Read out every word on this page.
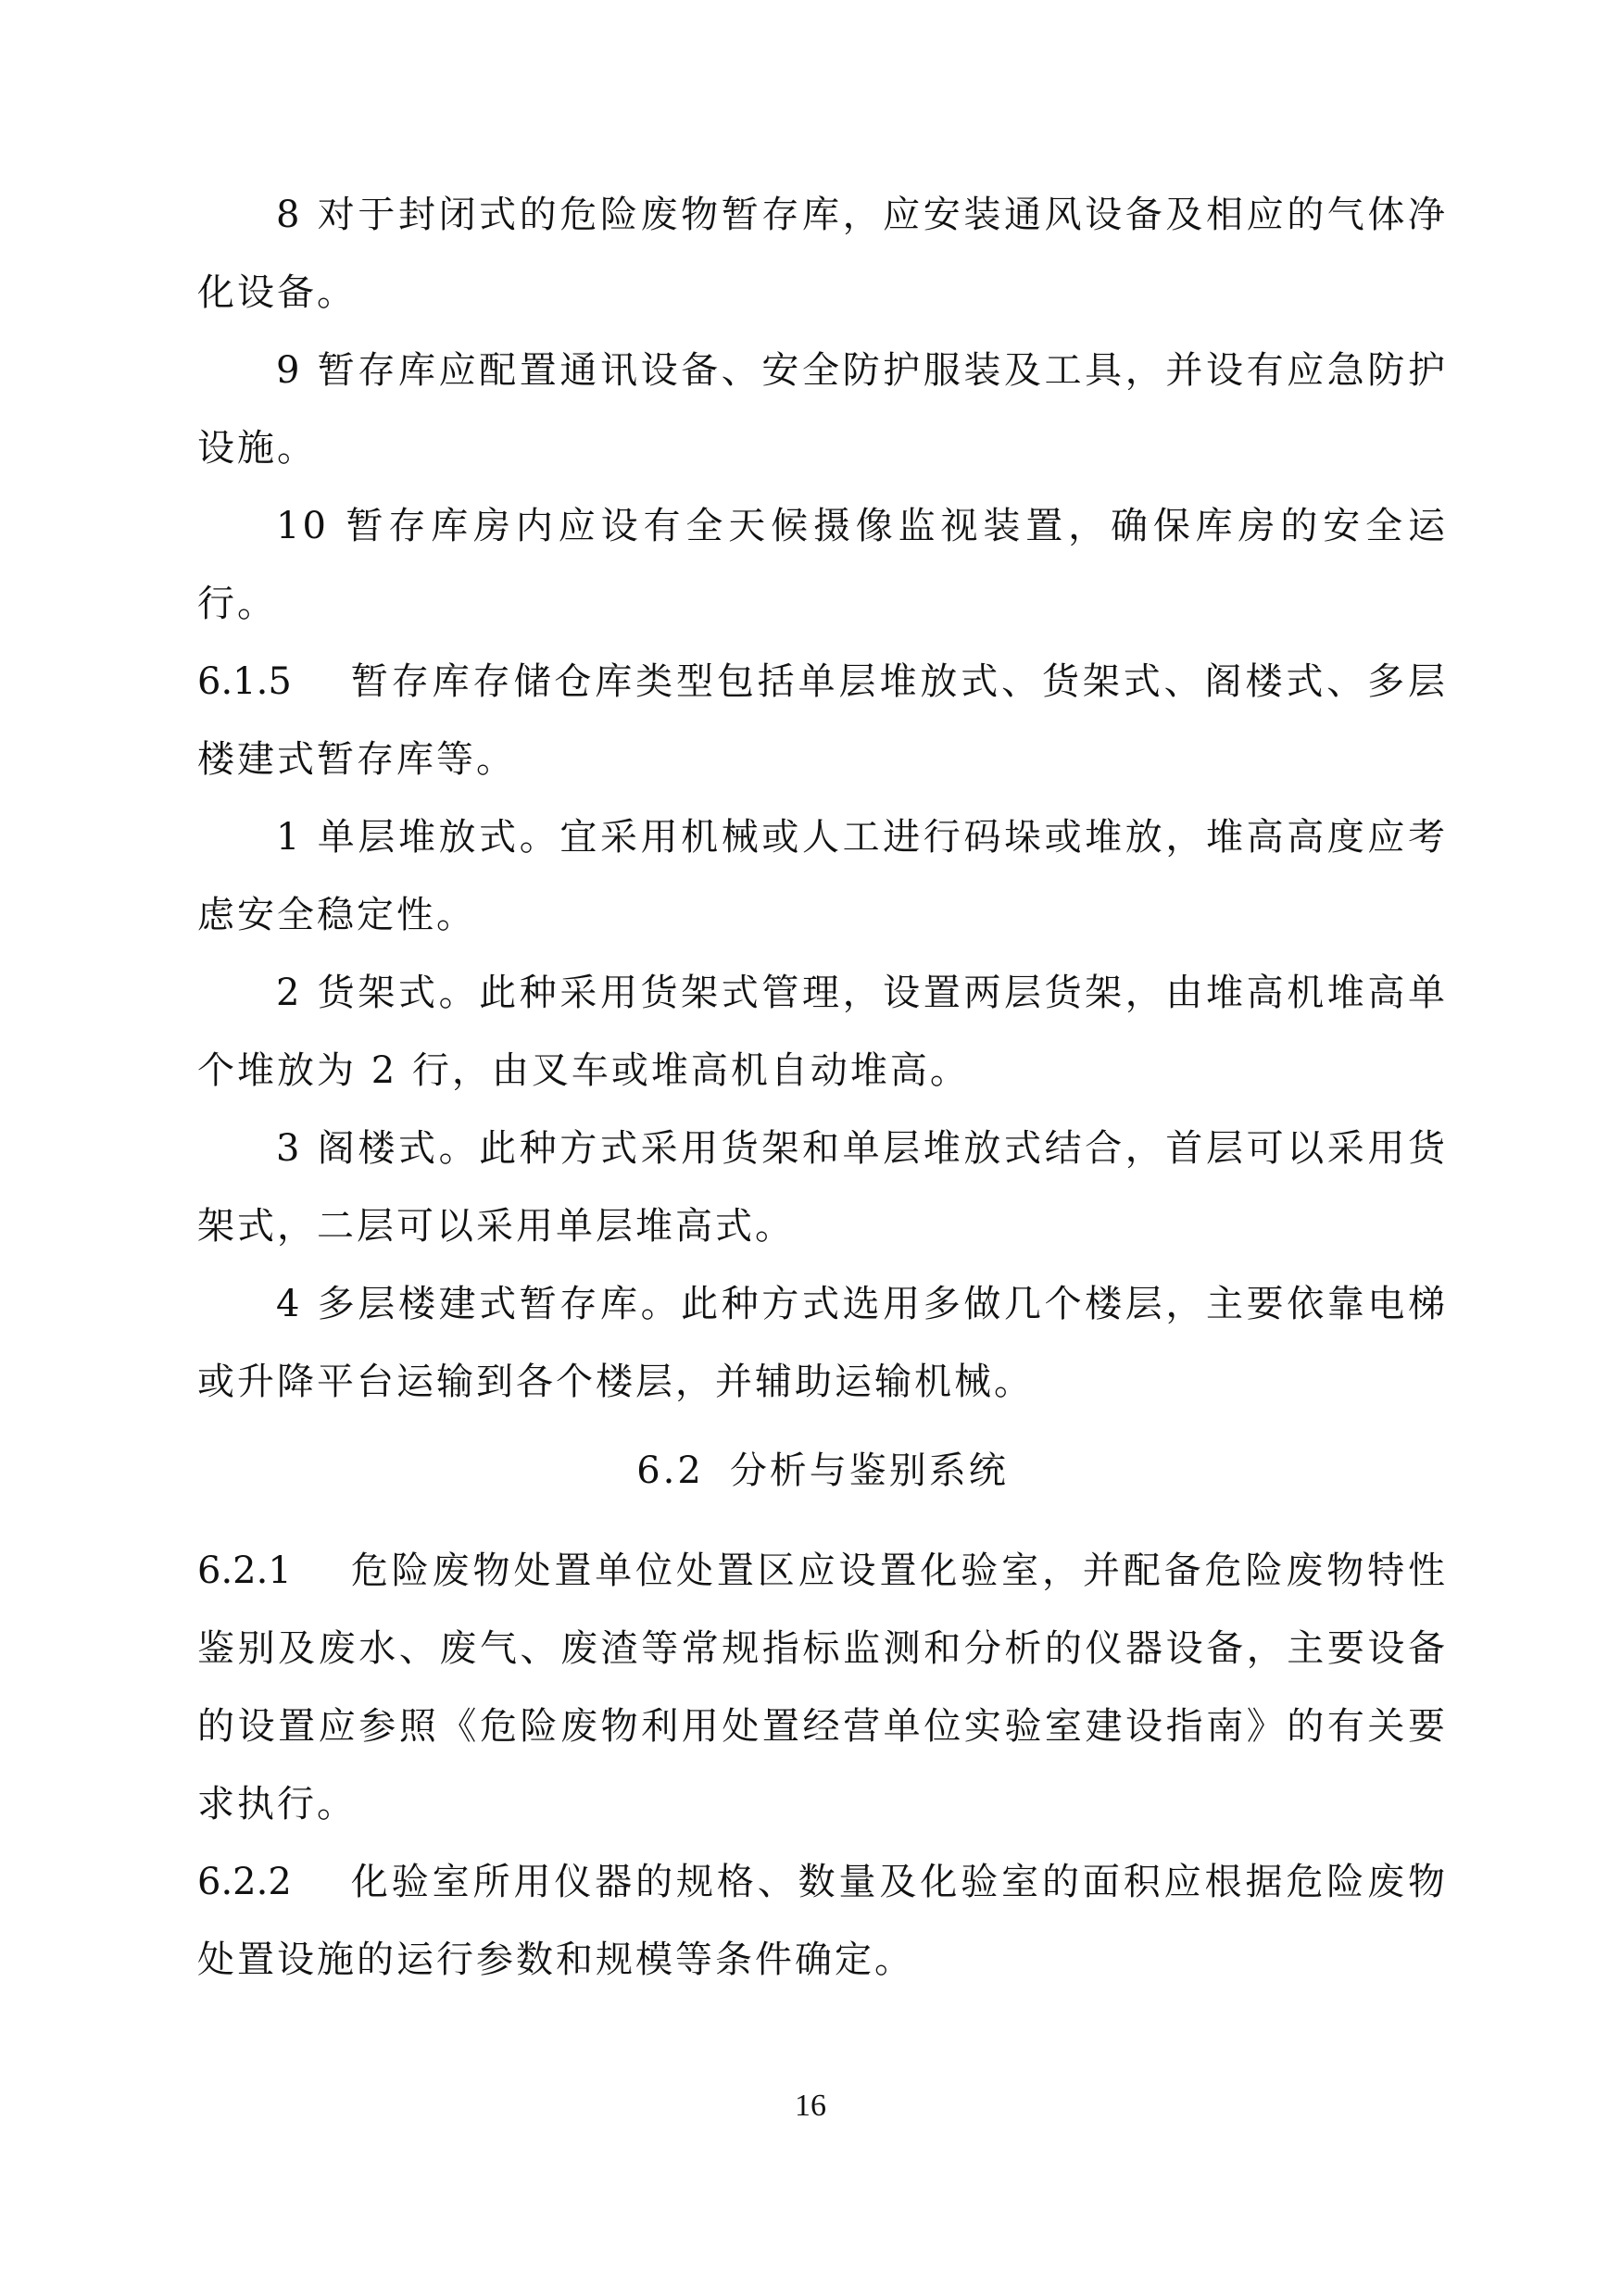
8 对于封闭式的危险废物暂存库，应安装通风设备及相应的气体净化设备。

9 暂存库应配置通讯设备、安全防护服装及工具，并设有应急防护设施。

10 暂存库房内应设有全天候摄像监视装置，确保库房的安全运行。

6.1.5 暂存库存储仓库类型包括单层堆放式、货架式、阁楼式、多层楼建式暂存库等。

1 单层堆放式。宜采用机械或人工进行码垛或堆放，堆高高度应考虑安全稳定性。

2 货架式。此种采用货架式管理，设置两层货架，由堆高机堆高单个堆放为 2 行，由叉车或堆高机自动堆高。

3 阁楼式。此种方式采用货架和单层堆放式结合，首层可以采用货架式，二层可以采用单层堆高式。

4 多层楼建式暂存库。此种方式选用多做几个楼层，主要依靠电梯或升降平台运输到各个楼层，并辅助运输机械。

6.2 分析与鉴别系统

6.2.1 危险废物处置单位处置区应设置化验室，并配备危险废物特性鉴别及废水、废气、废渣等常规指标监测和分析的仪器设备，主要设备的设置应参照《危险废物利用处置经营单位实验室建设指南》的有关要求执行。

6.2.2 化验室所用仪器的规格、数量及化验室的面积应根据危险废物处置设施的运行参数和规模等条件确定。

16
